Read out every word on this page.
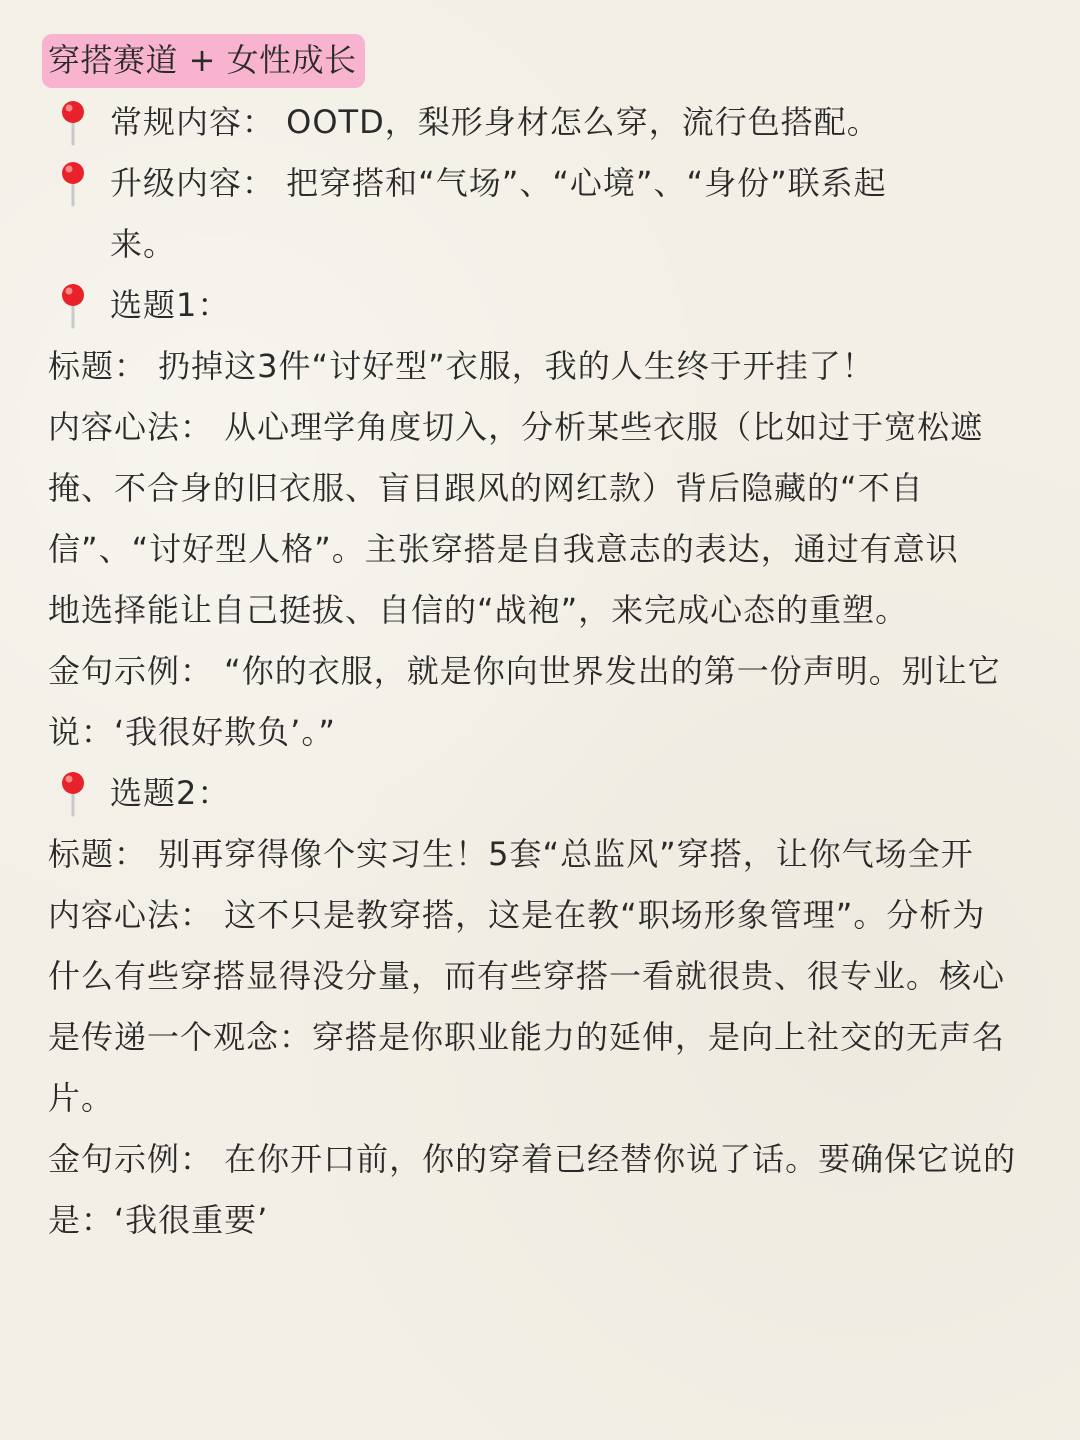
穿搭赛道 + 女性成长
常规内容： OOTD，梨形身材怎么穿，流行色搭配。
升级内容： 把穿搭和“气场”、“心境”、“身份”联系起
来。
选题1：
标题： 扔掉这3件“讨好型”衣服，我的人生终于开挂了！
内容心法： 从心理学角度切入，分析某些衣服（比如过于宽松遮
掩、不合身的旧衣服、盲目跟风的网红款）背后隐藏的“不自
信”、“讨好型人格”。主张穿搭是自我意志的表达，通过有意识
地选择能让自己挺拔、自信的“战袍”，来完成心态的重塑。
金句示例： “你的衣服，就是你向世界发出的第一份声明。别让它
说：‘我很好欺负’。”
选题2：
标题： 别再穿得像个实习生！5套“总监风”穿搭，让你气场全开
内容心法： 这不只是教穿搭，这是在教“职场形象管理”。分析为
什么有些穿搭显得没分量，而有些穿搭一看就很贵、很专业。核心
是传递一个观念：穿搭是你职业能力的延伸，是向上社交的无声名
片。
金句示例： 在你开口前，你的穿着已经替你说了话。要确保它说的
是：‘我很重要’
